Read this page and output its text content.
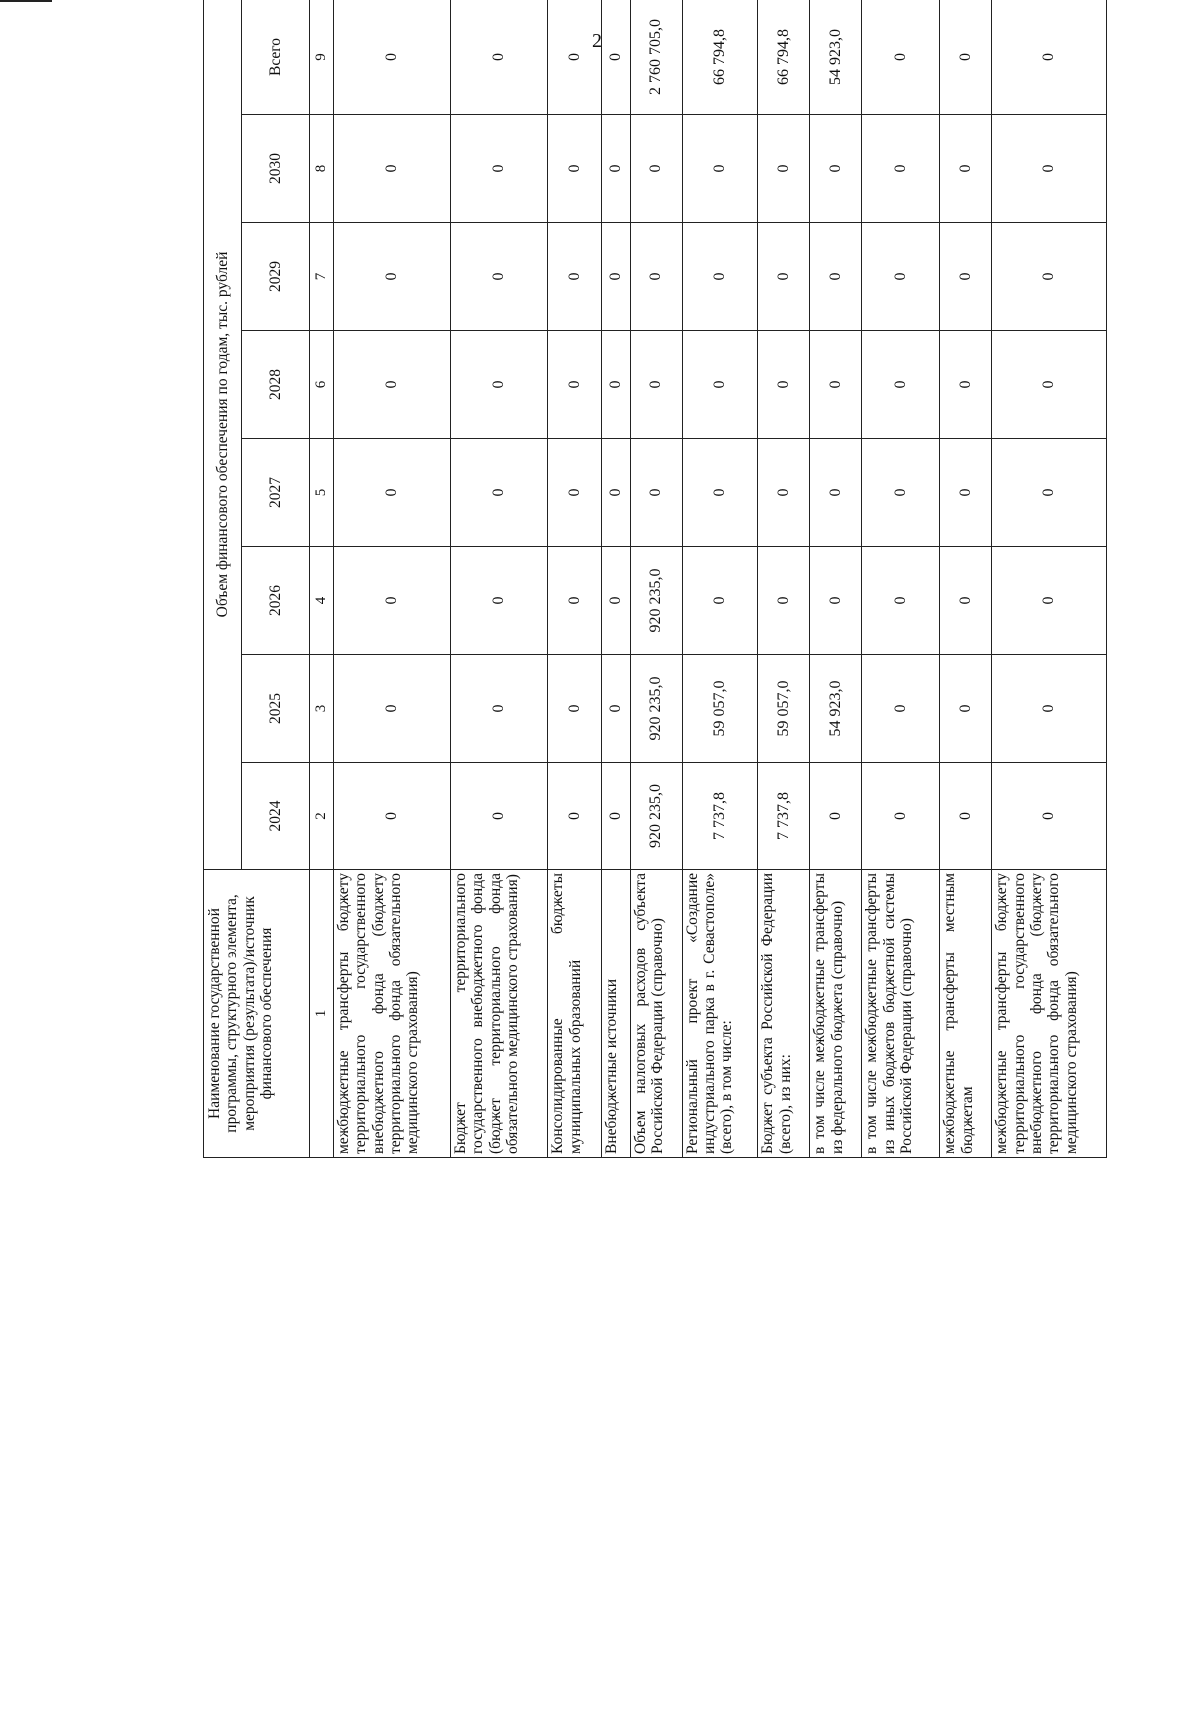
2
Наименование государственной программы, структурного элемента, мероприятия (результата)/источник финансового обеспечения	Объем финансового обеспечения по годам, тыс. рублей							
	2024	2025	2026	2027	2028	2029	2030	Всего
1	2	3	4	5	6	7	8	9
межбюджетные трансферты бюджету территориального государственного внебюджетного фонда (бюджету территориального фонда обязательного медицинского страхования)	0	0	0	0	0	0	0	0
Бюджет территориального государственного внебюджетного фонда (бюджет территориального фонда обязательного медицинского страхования)	0	0	0	0	0	0	0	0
Консолидированные бюджеты муниципальных образований	0	0	0	0	0	0	0	0
Внебюджетные источники	0	0	0	0	0	0	0	0
Объем налоговых расходов субъекта Российской Федерации (справочно)	920 235,0	920 235,0	920 235,0	0	0	0	0	2 760 705,0
Региональный проект «Создание индустриального парка в г. Севастополе» (всего), в том числе:	7 737,8	59 057,0	0	0	0	0	0	66 794,8
Бюджет субъекта Российской Федерации (всего), из них:	7 737,8	59 057,0	0	0	0	0	0	66 794,8
в том числе межбюджетные трансферты из федерального бюджета (справочно)	0	54 923,0	0	0	0	0	0	54 923,0
в том числе межбюджетные трансферты из иных бюджетов бюджетной системы Российской Федерации (справочно)	0	0	0	0	0	0	0	0
межбюджетные трансферты местным бюджетам	0	0	0	0	0	0	0	0
межбюджетные трансферты бюджету территориального государственного внебюджетного фонда (бюджету территориального фонда обязательного медицинского страхования)	0	0	0	0	0	0	0	0
